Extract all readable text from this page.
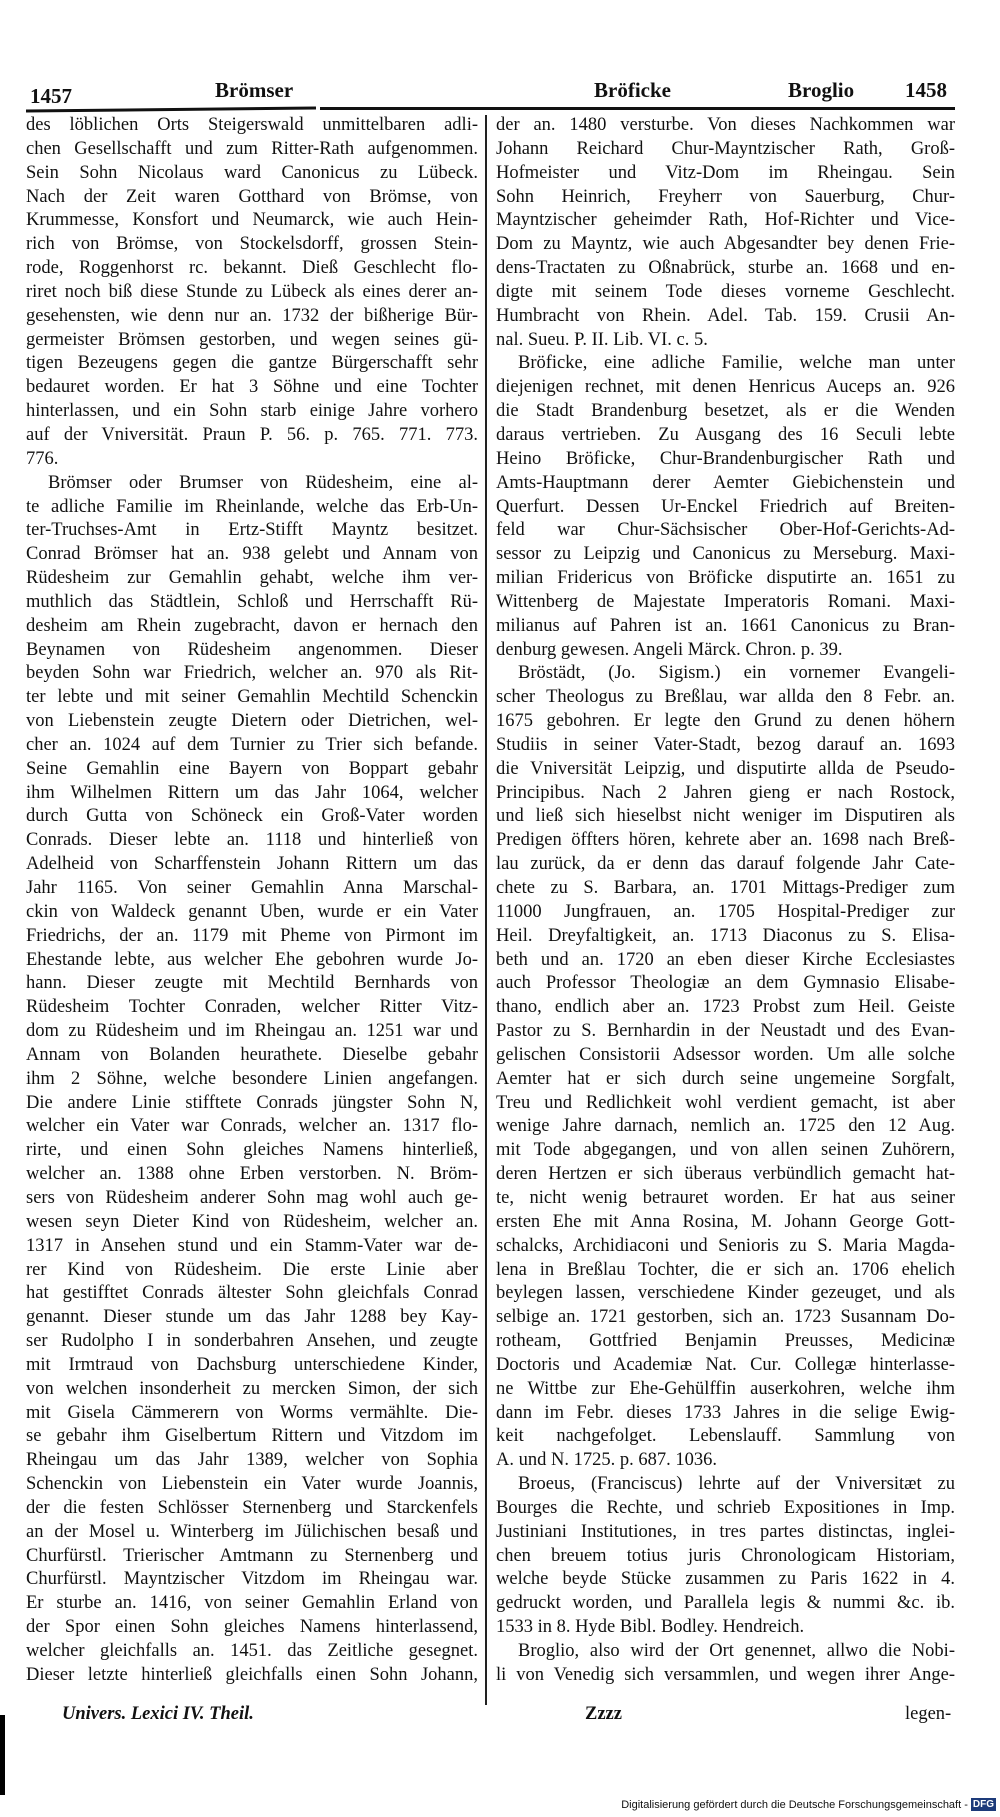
1457	Brömser	Bröficke	Broglio 1458
des löblichen Orts Steigerswald unmittelbaren adli-
chen Gesellschafft und zum Ritter-Rath aufgenommen.
Sein Sohn Nicolaus ward Canonicus zu Lübeck.
Nach der Zeit waren Gotthard von Brömse, von
Krummesse, Konsfort und Neumarck, wie auch Hein-
rich von Brömse, von Stockelsdorff, grossen Stein-
rode, Roggenhorst rc. bekannt. Dieß Geschlecht flo-
riret noch biß diese Stunde zu Lübeck als eines derer an-
gesehensten, wie denn nur an. 1732 der bißherige Bür-
germeister Brömsen gestorben, und wegen seines gü-
tigen Bezeugens gegen die gantze Bürgerschafft sehr
bedauret worden. Er hat 3 Söhne und eine Tochter
hinterlassen, und ein Sohn starb einige Jahre vorhero
auf der Vniversität. Praun P. 56. p. 765. 771. 773.
776.
Brömser oder Brumser von Rüdesheim, eine al-
te adliche Familie im Rheinlande, welche das Erb-Un-
ter-Truchses-Amt in Ertz-Stifft Mayntz besitzet.
Conrad Brömser hat an. 938 gelebt und Annam von
Rüdesheim zur Gemahlin gehabt, welche ihm ver-
muthlich das Städtlein, Schloß und Herrschafft Rü-
desheim am Rhein zugebracht, davon er hernach den
Beynamen von Rüdesheim angenommen. Dieser
beyden Sohn war Friedrich, welcher an. 970 als Rit-
ter lebte und mit seiner Gemahlin Mechtild Schenckin
von Liebenstein zeugte Dietern oder Dietrichen, wel-
cher an. 1024 auf dem Turnier zu Trier sich befande.
Seine Gemahlin eine Bayern von Boppart gebahr
ihm Wilhelmen Rittern um das Jahr 1064, welcher
durch Gutta von Schöneck ein Groß-Vater worden
Conrads. Dieser lebte an. 1118 und hinterließ von
Adelheid von Scharffenstein Johann Rittern um das
Jahr 1165. Von seiner Gemahlin Anna Marschal-
ckin von Waldeck genannt Uben, wurde er ein Vater
Friedrichs, der an. 1179 mit Pheme von Pirmont im
Ehestande lebte, aus welcher Ehe gebohren wurde Jo-
hann. Dieser zeugte mit Mechtild Bernhards von
Rüdesheim Tochter Conraden, welcher Ritter Vitz-
dom zu Rüdesheim und im Rheingau an. 1251 war und
Annam von Bolanden heurathete. Dieselbe gebahr
ihm 2 Söhne, welche besondere Linien angefangen.
Die andere Linie stifftete Conrads jüngster Sohn N,
welcher ein Vater war Conrads, welcher an. 1317 flo-
rirte, und einen Sohn gleiches Namens hinterließ,
welcher an. 1388 ohne Erben verstorben. N. Bröm-
sers von Rüdesheim anderer Sohn mag wohl auch ge-
wesen seyn Dieter Kind von Rüdesheim, welcher an.
1317 in Ansehen stund und ein Stamm-Vater war de-
rer Kind von Rüdesheim. Die erste Linie aber
hat gestifftet Conrads ältester Sohn gleichfals Conrad
genannt. Dieser stunde um das Jahr 1288 bey Kay-
ser Rudolpho I in sonderbahren Ansehen, und zeugte
mit Irmtraud von Dachsburg unterschiedene Kinder,
von welchen insonderheit zu mercken Simon, der sich
mit Gisela Cämmerern von Worms vermählte. Die-
se gebahr ihm Giselbertum Rittern und Vitzdom im
Rheingau um das Jahr 1389, welcher von Sophia
Schenckin von Liebenstein ein Vater wurde Joannis,
der die festen Schlösser Sternenberg und Starckenfels
an der Mosel u. Winterberg im Jülichischen besaß und
Churfürstl. Trierischer Amtmann zu Sternenberg und
Churfürstl. Mayntzischer Vitzdom im Rheingau war.
Er sturbe an. 1416, von seiner Gemahlin Erland von
der Spor einen Sohn gleiches Namens hinterlassend,
welcher gleichfalls an. 1451. das Zeitliche gesegnet.
Dieser letzte hinterließ gleichfalls einen Sohn Johann,
der an. 1480 versturbe. Von dieses Nachkommen war
Johann Reichard Chur-Mayntzischer Rath, Groß-
Hofmeister und Vitz-Dom im Rheingau. Sein
Sohn Heinrich, Freyherr von Sauerburg, Chur-
Mayntzischer geheimder Rath, Hof-Richter und Vice-
Dom zu Mayntz, wie auch Abgesandter bey denen Frie-
dens-Tractaten zu Oßnabrück, sturbe an. 1668 und en-
digte mit seinem Tode dieses vorneme Geschlecht.
Humbracht von Rhein. Adel. Tab. 159. Crusii An-
nal. Sueu. P. II. Lib. VI. c. 5.
Bröficke, eine adliche Familie, welche man unter
diejenigen rechnet, mit denen Henricus Auceps an. 926
die Stadt Brandenburg besetzet, als er die Wenden
daraus vertrieben. Zu Ausgang des 16 Seculi lebte
Heino Bröficke, Chur-Brandenburgischer Rath und
Amts-Hauptmann derer Aemter Giebichenstein und
Querfurt. Dessen Ur-Enckel Friedrich auf Breiten-
feld war Chur-Sächsischer Ober-Hof-Gerichts-Ad-
sessor zu Leipzig und Canonicus zu Merseburg. Maxi-
milian Fridericus von Bröficke disputirte an. 1651 zu
Wittenberg de Majestate Imperatoris Romani. Maxi-
milianus auf Pahren ist an. 1661 Canonicus zu Bran-
denburg gewesen. Angeli Märck. Chron. p. 39.
Bröstädt, (Jo. Sigism.) ein vornemer Evangeli-
scher Theologus zu Breßlau, war allda den 8 Febr. an.
1675 gebohren. Er legte den Grund zu denen höhern
Studiis in seiner Vater-Stadt, bezog darauf an. 1693
die Vniversität Leipzig, und disputirte allda de Pseudo-
Principibus. Nach 2 Jahren gieng er nach Rostock,
und ließ sich hieselbst nicht weniger im Disputiren als
Predigen öffters hören, kehrete aber an. 1698 nach Breß-
lau zurück, da er denn das darauf folgende Jahr Cate-
chete zu S. Barbara, an. 1701 Mittags-Prediger zum
11000 Jungfrauen, an. 1705 Hospital-Prediger zur
Heil. Dreyfaltigkeit, an. 1713 Diaconus zu S. Elisa-
beth und an. 1720 an eben dieser Kirche Ecclesiastes
auch Professor Theologiæ an dem Gymnasio Elisabe-
thano, endlich aber an. 1723 Probst zum Heil. Geiste
Pastor zu S. Bernhardin in der Neustadt und des Evan-
gelischen Consistorii Adsessor worden. Um alle solche
Aemter hat er sich durch seine ungemeine Sorgfalt,
Treu und Redlichkeit wohl verdient gemacht, ist aber
wenige Jahre darnach, nemlich an. 1725 den 12 Aug.
mit Tode abgegangen, und von allen seinen Zuhörern,
deren Hertzen er sich überaus verbündlich gemacht hat-
te, nicht wenig betrauret worden. Er hat aus seiner
ersten Ehe mit Anna Rosina, M. Johann George Gott-
schalcks, Archidiaconi und Senioris zu S. Maria Magda-
lena in Breßlau Tochter, die er sich an. 1706 ehelich
beylegen lassen, verschiedene Kinder gezeuget, und als
selbige an. 1721 gestorben, sich an. 1723 Susannam Do-
rotheam, Gottfried Benjamin Preusses, Medicinæ
Doctoris und Academiæ Nat. Cur. Collegæ hinterlasse-
ne Wittbe zur Ehe-Gehülffin auserkohren, welche ihm
dann im Febr. dieses 1733 Jahres in die selige Ewig-
keit nachgefolget. Lebenslauff. Sammlung von
A. und N. 1725. p. 687. 1036.
Broeus, (Franciscus) lehrte auf der Vniversitæt zu
Bourges die Rechte, und schrieb Expositiones in Imp.
Justiniani Institutiones, in tres partes distinctas, inglei-
chen breuem totius juris Chronologicam Historiam,
welche beyde Stücke zusammen zu Paris 1622 in 4.
gedruckt worden, und Parallela legis & nummi &c. ib.
1533 in 8. Hyde Bibl. Bodley. Hendreich.
Broglio, also wird der Ort genennet, allwo die Nobi-
li von Venedig sich versammlen, und wegen ihrer Ange-
Univers. Lexici IV. Theil.	Zzzz	legen-
Digitalisierung gefördert durch die Deutsche Forschungsgemeinschaft - DFG
